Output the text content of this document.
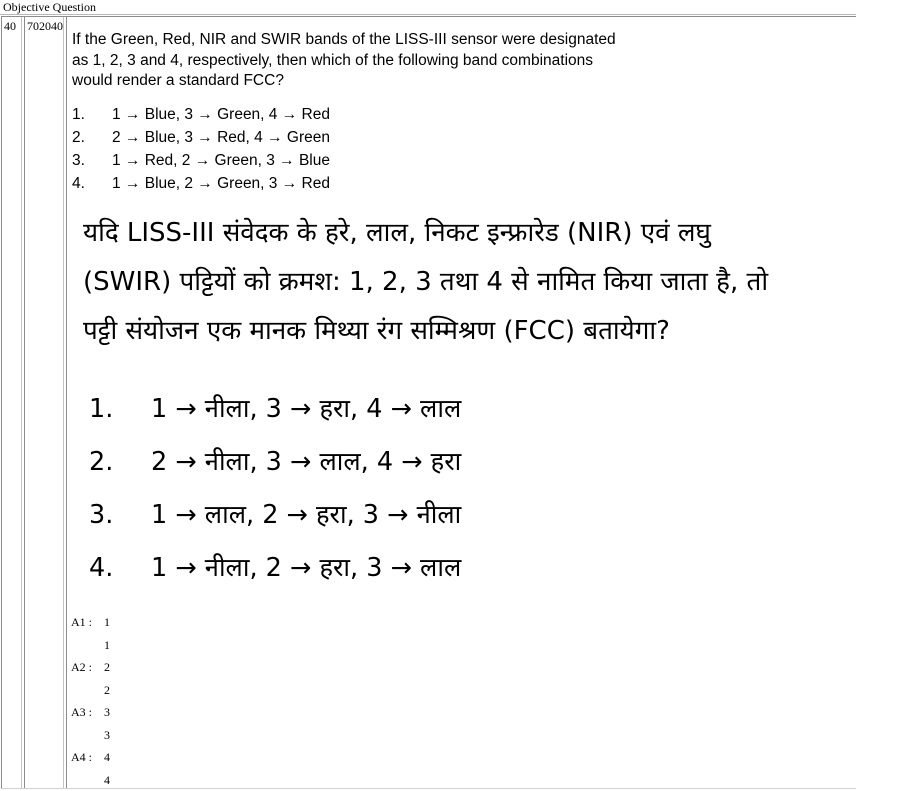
Objective Question
40 702040
If the Green, Red, NIR and SWIR bands of the LISS-III sensor were designated
as 1, 2, 3 and 4, respectively, then which of the following band combinations
would render a standard FCC?
1. 1 → Blue, 3 → Green, 4 → Red
2. 2 → Blue, 3 → Red, 4 → Green
3. 1 → Red, 2 → Green, 3 → Blue
4. 1 → Blue, 2 → Green, 3 → Red
यदि LISS-III संवेदक के हरे, लाल, निकट इन्फ्रारेड (NIR) एवं लघु
(SWIR) पट्टियों को क्रमश: 1, 2, 3 तथा 4 से नामित किया जाता है, तो
पट्टी संयोजन एक मानक मिथ्या रंग सम्मिश्रण (FCC) बतायेगा?
1. 1 → नीला, 3 → हरा, 4 → लाल
2. 2 → नीला, 3 → लाल, 4 → हरा
3. 1 → लाल, 2 → हरा, 3 → नीला
4. 1 → नीला, 2 → हरा, 3 → लाल
A1 : 1
1
A2 : 2
2
A3 : 3
3
A4 : 4
4
